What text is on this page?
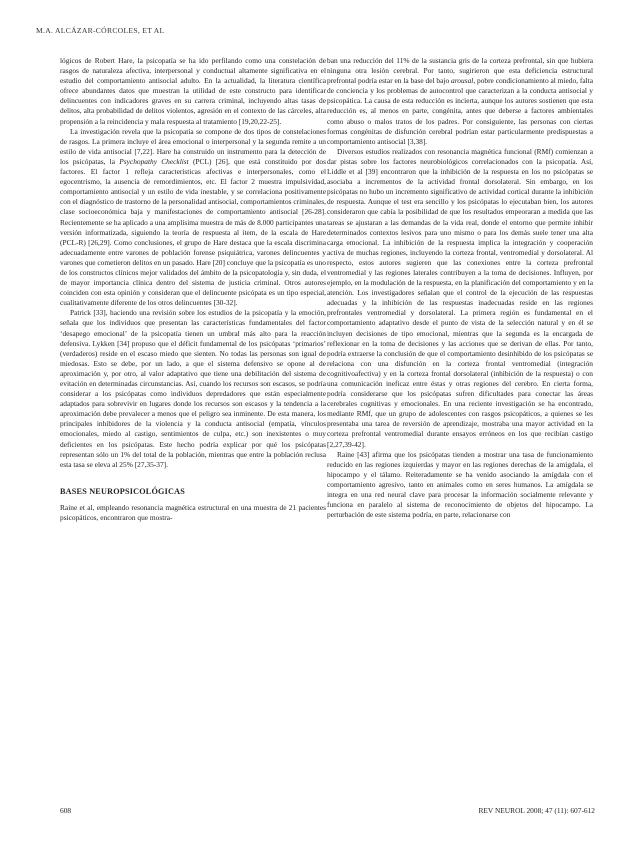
M.A. ALCÁZAR-CÓRCOLES, ET AL

lógicos de Robert Hare, la psicopatía se ha ido perfilando como una constelación de rasgos de naturaleza afectiva, interpersonal y conductual altamente significativa en el estudio del comportamiento antisocial adulto. En la actualidad, la literatura científica ofrece abundantes datos que muestran la utilidad de este constructo para identificar delincuentes con indicadores graves en su carrera criminal, incluyendo altas tasas de delitos, alta probabilidad de delitos violentos, agresión en el contexto de las cárceles, alta propensión a la reincidencia y mala respuesta al tratamiento [19,20,22-25].

La investigación revela que la psicopatía se compone de dos tipos de constelaciones de rasgos. La primera incluye el área emocional o interpersonal y la segunda remite a un estilo de vida antisocial [7,22]. Hare ha construido un instrumento para la detección de los psicópatas, la Psychopathy Checklist (PCL) [26], que está constituido por dos factores. El factor 1 refleja características afectivas e interpersonales, como el egocentrismo, la ausencia de remordimientos, etc. El factor 2 muestra impulsividad, comportamiento antisocial y un estilo de vida inestable, y se correlaciona positivamente con el diagnóstico de trastorno de la personalidad antisocial, comportamientos criminales, clase socioeconómica baja y manifestaciones de comportamiento antisocial [26-28]. Recientemente se ha aplicado a una amplísima muestra de más de 8.000 participantes una versión informatizada, siguiendo la teoría de respuesta al ítem, de la escala de Hare (PCL-R) [26,29]. Como conclusiones, el grupo de Hare destaca que la escala discrimina adecuadamente entre varones de población forense psiquiátrica, varones delincuentes y varones que cometieron delitos en un pasado. Hare [20] concluye que la psicopatía es uno de los constructos clínicos mejor validados del ámbito de la psicopatología y, sin duda, el de mayor importancia clínica dentro del sistema de justicia criminal. Otros autores coinciden con esta opinión y consideran que el delincuente psicópata es un tipo especial, cualitativamente diferente de los otros delincuentes [30-32].

Patrick [33], haciendo una revisión sobre los estudios de la psicopatía y la emoción, señala que los individuos que presentan las características fundamentales del factor ‘desapego emocional’ de la psicopatía tienen un umbral más alto para la reacción defensiva. Lykken [34] propuso que el déficit fundamental de los psicópatas ‘primarios’ (verdaderos) reside en el escaso miedo que sienten. No todas las personas son igual de miedosas. Esto se debe, por un lado, a que el sistema defensivo se opone al de aproximación y, por otro, al valor adaptativo que tiene una debilitación del sistema de evitación en determinadas circunstancias. Así, cuando los recursos son escasos, se podría considerar a los psicópatas como individuos depredadores que están especialmente adaptados para sobrevivir en lugares donde los recursos son escasos y la tendencia a la aproximación debe prevalecer a menos que el peligro sea inminente. De esta manera, los principales inhibidores de la violencia y la conducta antisocial (empatía, vínculos emocionales, miedo al castigo, sentimientos de culpa, etc.) son inexistentes o muy deficientes en los psicópatas. Este hecho podría explicar por qué los psicópatas representan sólo un 1% del total de la población, mientras que entre la población reclusa esta tasa se eleva al 25% [27,35-37].

BASES NEUROPSICOLÓGICAS

Raine et al, empleando resonancia magnética estructural en una muestra de 21 pacientes psicopáticos, encontraron que mostra-

ban una reducción del 11% de la sustancia gris de la corteza prefrontal, sin que hubiera ninguna otra lesión cerebral. Por tanto, sugirieron que esta deficiencia estructural prefrontal podría estar en la base del bajo arousal, pobre condicionamiento al miedo, falta de conciencia y los problemas de autocontrol que caracterizan a la conducta antisocial y psicopática. La causa de esta reducción es incierta, aunque los autores sostienen que esta reducción es, al menos en parte, congénita, antes que deberse a factores ambientales como abuso o malos tratos de los padres. Por consiguiente, las personas con ciertas formas congénitas de disfunción cerebral podrían estar particularmente predispuestas a comportamiento antisocial [3,38].

Diversos estudios realizados con resonancia magnética funcional (RMf) comienzan a dar pistas sobre los factores neurobiológicos correlacionados con la psicopatía. Así, Liddle et al [39] encontraron que la inhibición de la respuesta en los no psicópatas se asociaba a incrementos de la actividad frontal dorsolateral. Sin embargo, en los psicópatas no hubo un incremento significativo de actividad cortical durante la inhibición de respuesta. Aunque el test era sencillo y los psicópatas lo ejecutaban bien, los autores consideraron que cabía la posibilidad de que los resultados empeoraran a medida que las tareas se ajustaran a las demandas de la vida real, donde el entorno que permite inhibir determinados contextos lesivos para uno mismo o para los demás suele tener una alta carga emocional. La inhibición de la respuesta implica la integración y cooperación activa de muchas regiones, incluyendo la corteza frontal, ventromedial y dorsolateral. Al respecto, estos autores sugieren que las conexiones entre la corteza prefrontal ventromedial y las regiones laterales contribuyen a la toma de decisiones. Influyen, por ejemplo, en la modulación de la respuesta, en la planificación del comportamiento y en la atención. Los investigadores señalan que el control de la ejecución de las respuestas adecuadas y la inhibición de las respuestas inadecuadas reside en las regiones prefrontales ventromedial y dorsolateral. La primera región es fundamental en el comportamiento adaptativo desde el punto de vista de la selección natural y en él se incluyen decisiones de tipo emocional, mientras que la segunda es la encargada de reflexionar en la toma de decisiones y las acciones que se derivan de ellas. Por tanto, podría extraerse la conclusión de que el comportamiento desinhibido de los psicópatas se relaciona con una disfunción en la corteza frontal ventromedial (integración cognitivoafectiva) y en la corteza frontal dorsolateral (inhibición de la respuesta) o con una comunicación ineficaz entre éstas y otras regiones del cerebro. En cierta forma, podría considerarse que los psicópatas sufren dificultades para conectar las áreas cerebrales cognitivas y emocionales. En una reciente investigación se ha encontrado, mediante RMf, que un grupo de adolescentes con rasgos psicopáticos, a quienes se les presentaba una tarea de reversión de aprendizaje, mostraba una mayor actividad en la corteza prefrontal ventromedial durante ensayos erróneos en los que recibían castigo [2,27,39-42].

Raine [43] afirma que los psicópatas tienden a mostrar una tasa de funcionamiento reducido en las regiones izquierdas y mayor en las regiones derechas de la amígdala, el hipocampo y el tálamo. Reiteradamente se ha venido asociando la amígdala con el comportamiento agresivo, tanto en animales como en seres humanos. La amígdala se integra en una red neural clave para procesar la información socialmente relevante y funciona en paralelo al sistema de reconocimiento de objetos del hipocampo. La perturbación de este sistema podría, en parte, relacionarse con

608	REV NEUROL 2008; 47 (11): 607-612
